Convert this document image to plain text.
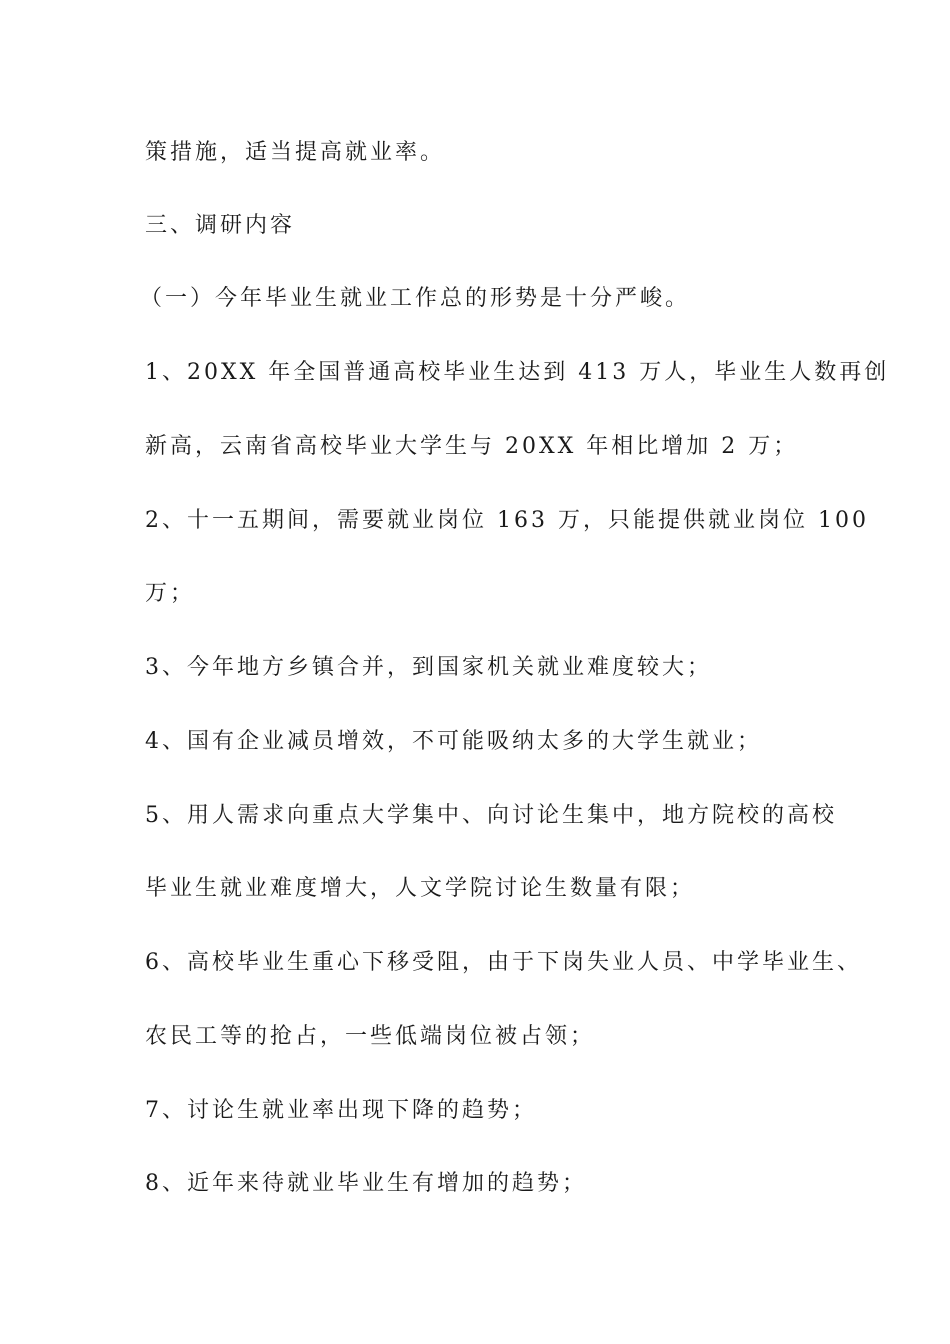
策措施，适当提高就业率。
三、调研内容
（一）今年毕业生就业工作总的形势是十分严峻。
1、20XX 年全国普通高校毕业生达到 413 万人，毕业生人数再创
新高，云南省高校毕业大学生与 20XX 年相比增加 2 万；
2、十一五期间，需要就业岗位 163 万，只能提供就业岗位 100
万；
3、今年地方乡镇合并，到国家机关就业难度较大；
4、国有企业减员增效，不可能吸纳太多的大学生就业；
5、用人需求向重点大学集中、向讨论生集中，地方院校的高校
毕业生就业难度增大，人文学院讨论生数量有限；
6、高校毕业生重心下移受阻，由于下岗失业人员、中学毕业生、
农民工等的抢占，一些低端岗位被占领；
7、讨论生就业率出现下降的趋势；
8、近年来待就业毕业生有增加的趋势；
